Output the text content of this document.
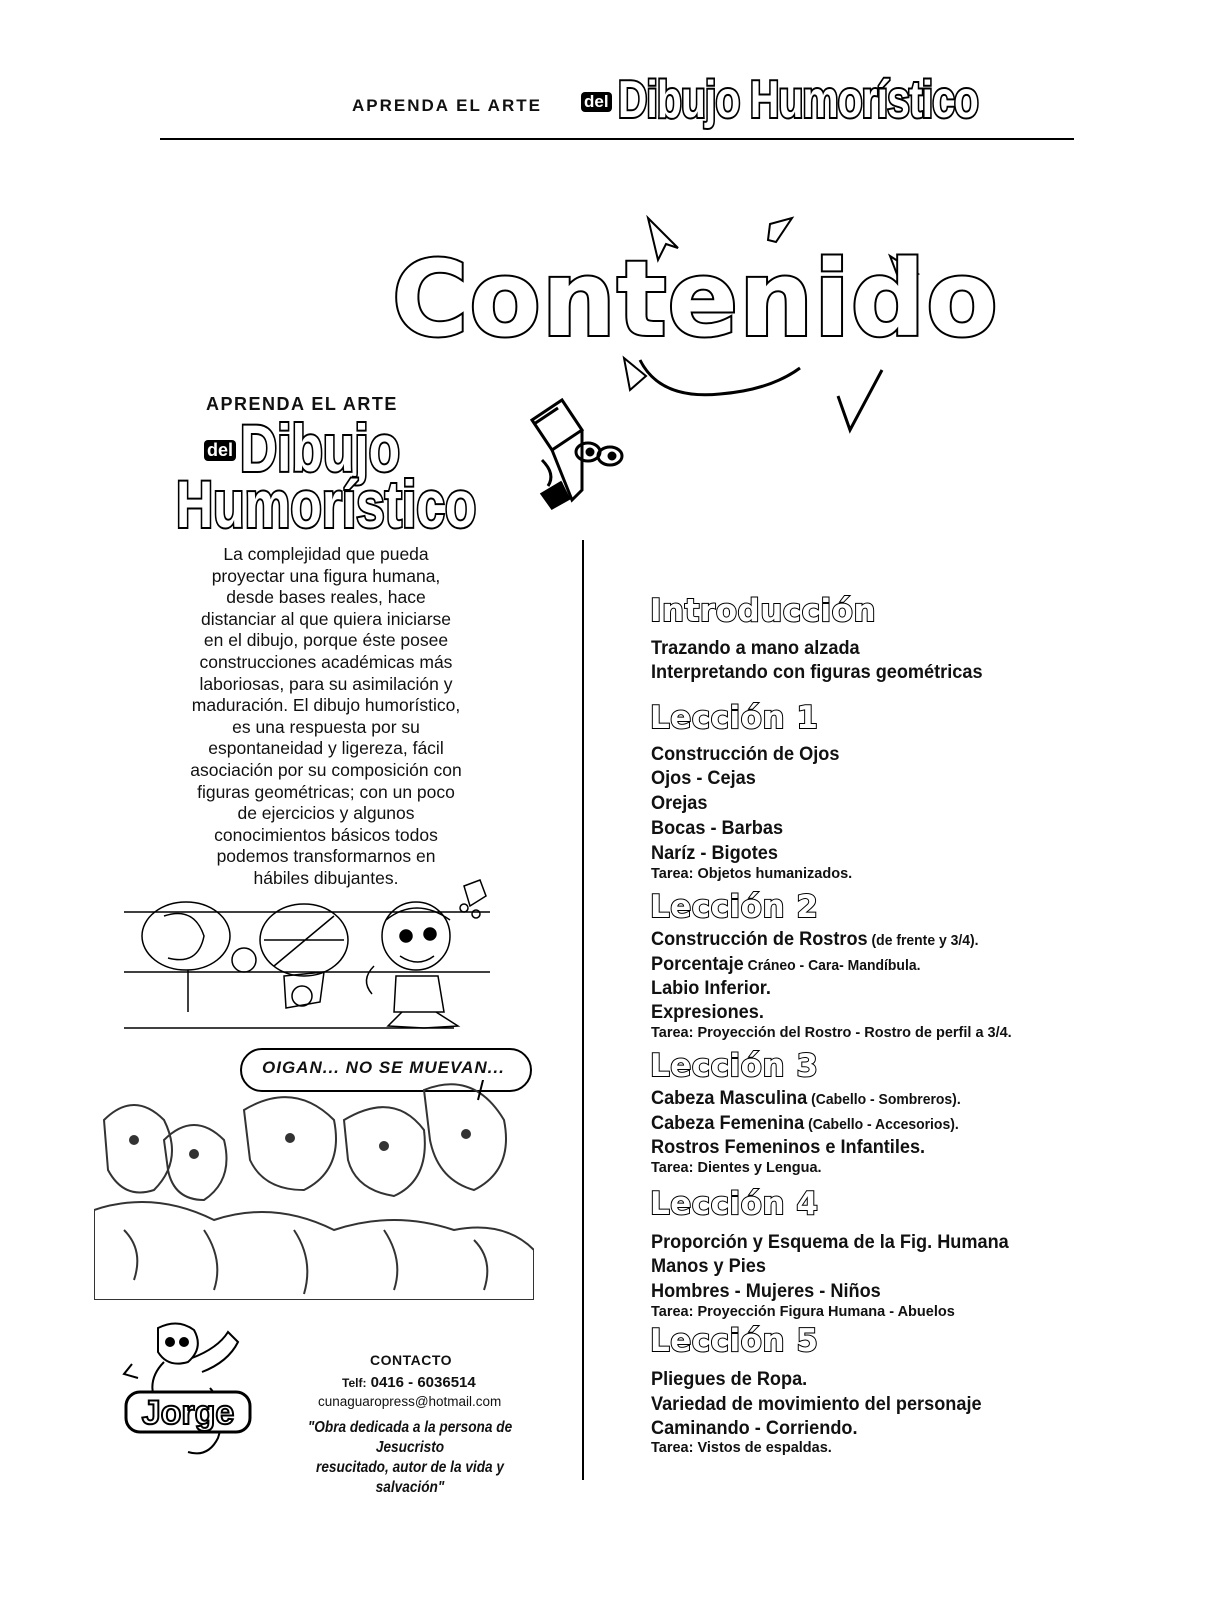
APRENDA EL ARTE del Dibujo Humorístico
Contenido
APRENDA EL ARTE
del Dibujo
Humorístico
La complejidad que pueda
proyectar una figura humana,
desde bases reales, hace
distanciar al que quiera iniciarse
en el dibujo, porque éste posee
construcciones académicas más
laboriosas, para su asimilación y
maduración. El dibujo humorístico,
es una respuesta por su
espontaneidad y ligereza, fácil
asociación por su composición con
figuras geométricas; con un poco
de ejercicios y algunos
conocimientos básicos todos
podemos transformarnos en
hábiles dibujantes.
OIGAN... NO SE MUEVAN...
Jorge
CONTACTO
Telf: 0416 - 6036514
cunaguaropress@hotmail.com
"Obra dedicada a la persona de Jesucristo
resucitado, autor de la vida y salvación"
Introducción
Trazando a mano alzada
Interpretando con figuras geométricas
Lección 1
Construcción de Ojos
Ojos - Cejas
Orejas
Bocas - Barbas
Naríz - Bigotes
Tarea: Objetos humanizados.
Lección 2
Construcción de Rostros (de frente y 3/4).
Porcentaje Cráneo - Cara- Mandíbula.
Labio Inferior.
Expresiones.
Tarea: Proyección del Rostro - Rostro de perfil a 3/4.
Lección 3
Cabeza Masculina (Cabello - Sombreros).
Cabeza Femenina (Cabello - Accesorios).
Rostros Femeninos e Infantiles.
Tarea: Dientes y Lengua.
Lección 4
Proporción y Esquema de la Fig. Humana
Manos y Pies
Hombres - Mujeres - Niños
Tarea: Proyección Figura Humana - Abuelos
Lección 5
Pliegues de Ropa.
Variedad de movimiento del personaje
Caminando - Corriendo.
Tarea: Vistos de espaldas.
